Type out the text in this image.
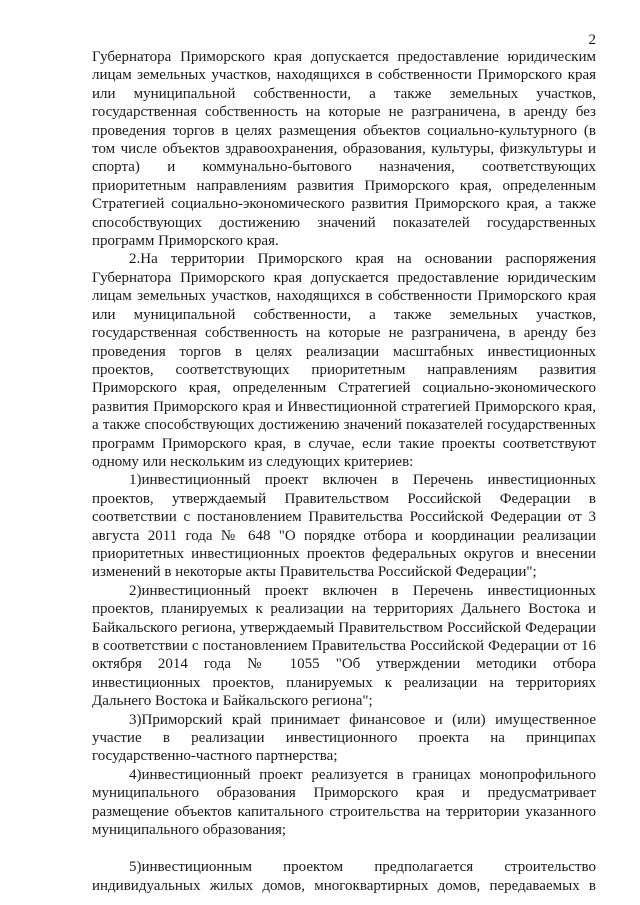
2

Губернатора Приморского края допускается предоставление юридическим лицам земельных участков, находящихся в собственности Приморского края или муниципальной собственности, а также земельных участков, государственная собственность на которые не разграничена, в аренду без проведения торгов в целях размещения объектов социально-культурного (в том числе объектов здравоохранения, образования, культуры, физкультуры и спорта) и коммунально-бытового назначения, соответствующих приоритетным направлениям развития Приморского края, определенным Стратегией социально-экономического развития Приморского края, а также способствующих достижению значений показателей государственных программ Приморского края.

2.На территории Приморского края на основании распоряжения Губернатора Приморского края допускается предоставление юридическим лицам земельных участков, находящихся в собственности Приморского края или муниципальной собственности, а также земельных участков, государственная собственность на которые не разграничена, в аренду без проведения торгов в целях реализации масштабных инвестиционных проектов, соответствующих приоритетным направлениям развития Приморского края, определенным Стратегией социально-экономического развития Приморского края и Инвестиционной стратегией Приморского края, а также способствующих достижению значений показателей государственных программ Приморского края, в случае, если такие проекты соответствуют одному или нескольким из следующих критериев:

1)инвестиционный проект включен в Перечень инвестиционных проектов, утверждаемый Правительством Российской Федерации в соответствии с постановлением Правительства Российской Федерации от 3 августа 2011 года № 648 "О порядке отбора и координации реализации приоритетных инвестиционных проектов федеральных округов и внесении изменений в некоторые акты Правительства Российской Федерации";

2)инвестиционный проект включен в Перечень инвестиционных проектов, планируемых к реализации на территориях Дальнего Востока и Байкальского региона, утверждаемый Правительством Российской Федерации в соответствии с постановлением Правительства Российской Федерации от 16 октября 2014 года № 1055 "Об утверждении методики отбора инвестиционных проектов, планируемых к реализации на территориях Дальнего Востока и Байкальского региона";

3)Приморский край принимает финансовое и (или) имущественное участие в реализации инвестиционного проекта на принципах государственно-частного партнерства;

4)инвестиционный проект реализуется в границах монопрофильного муниципального образования Приморского края и предусматривает размещение объектов капитального строительства на территории указанного муниципального образования;

5)инвестиционным проектом предполагается строительство индивидуальных жилых домов, многоквартирных домов, передаваемых в
